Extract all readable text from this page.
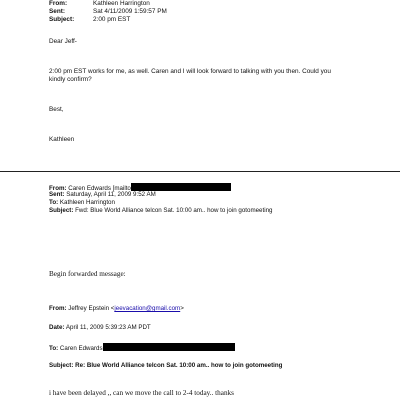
From:	Kathleen Harrington
Sent:	Sat 4/11/2009 1:59:57 PM
Subject:	2:00 pm EST
Dear Jeff-
2:00 pm EST works for me, as well. Caren and I will look forward to talking with you then. Could you
kindly confirm?
Best,
Kathleen
From: Caren Edwards [mailto
Sent: Saturday, April 11, 2009 9:52 AM
To: Kathleen Harrington
Subject: Fwd: Blue World Alliance telcon Sat. 10:00 am.. how to join gotomeeting
Begin forwarded message:
From: Jeffrey Epstein <jeevacation@gmail.com>
Date: April 11, 2009 5:39:23 AM PDT
To: Caren Edwards
Subject: Re: Blue World Alliance telcon Sat. 10:00 am.. how to join gotomeeting
i have been delayed ,, can we move the call to 2-4 today.. thanks
